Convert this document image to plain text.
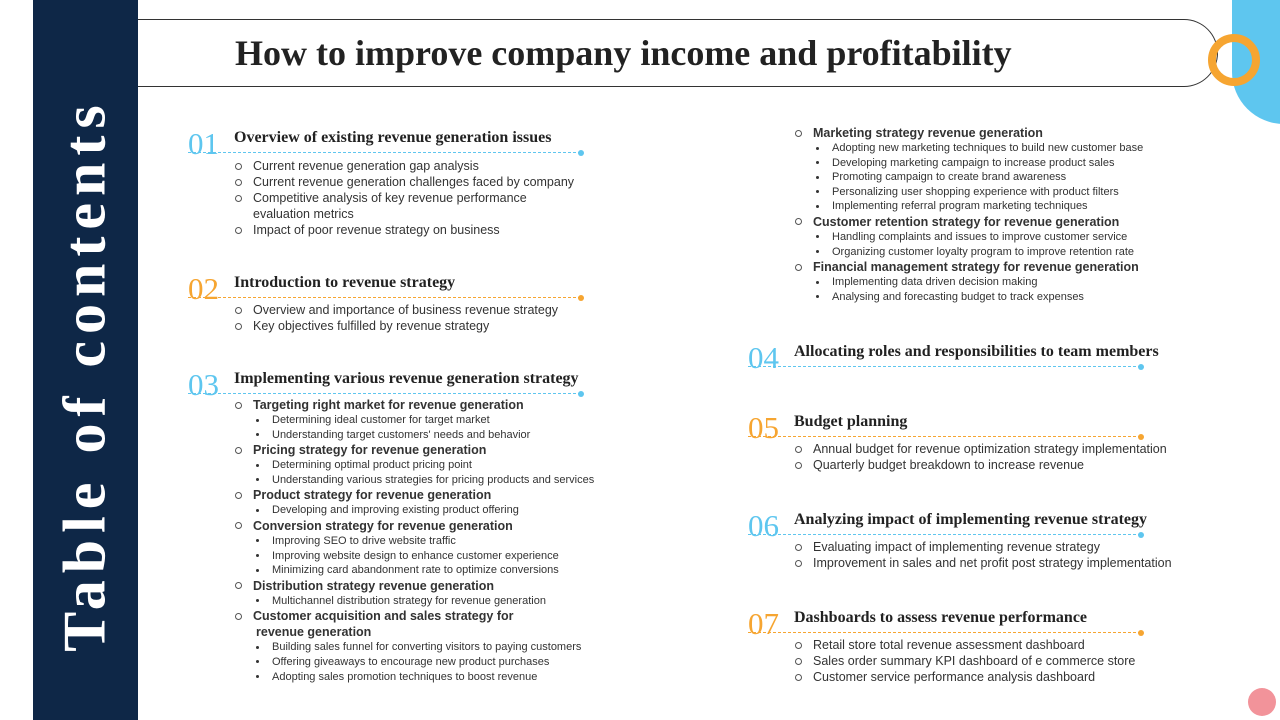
Table of contents
How to improve company income and profitability
01 Overview of existing revenue generation issues
Current revenue generation gap analysis
Current revenue generation challenges faced by company
Competitive analysis of key revenue performance
evaluation metrics
Impact of poor revenue strategy on business
02 Introduction to revenue strategy
Overview and importance of business revenue strategy
Key objectives fulfilled by revenue strategy
03 Implementing various revenue generation strategy
Targeting right market for revenue generation
Determining ideal customer for target market
Understanding target customers' needs and behavior
Pricing strategy for revenue generation
Determining optimal product pricing point
Understanding various strategies for pricing products and services
Product strategy for revenue generation
Developing and improving existing product offering
Conversion strategy for revenue generation
Improving SEO to drive website traffic
Improving website design to enhance customer experience
Minimizing card abandonment rate to optimize conversions
Distribution strategy revenue generation
Multichannel distribution strategy for revenue generation
Customer acquisition and sales strategy for
revenue generation
Building sales funnel for converting visitors to paying customers
Offering giveaways to encourage new product purchases
Adopting sales promotion techniques to boost revenue
Marketing strategy revenue generation
Adopting new marketing techniques to build new customer base
Developing marketing campaign to increase product sales
Promoting campaign to create brand awareness
Personalizing user shopping experience with product filters
Implementing referral program marketing techniques
Customer retention strategy for revenue generation
Handling complaints and issues to improve customer service
Organizing customer loyalty program to improve retention rate
Financial management strategy for revenue generation
Implementing data driven decision making
Analysing and forecasting budget to track expenses
04 Allocating roles and responsibilities to team members
05 Budget planning
Annual budget for revenue optimization strategy implementation
Quarterly budget breakdown to increase revenue
06 Analyzing impact of implementing revenue strategy
Evaluating impact of implementing revenue strategy
Improvement in sales and net profit post strategy implementation
07 Dashboards to assess revenue performance
Retail store total revenue assessment dashboard
Sales order summary KPI dashboard of e commerce store
Customer service performance analysis dashboard
